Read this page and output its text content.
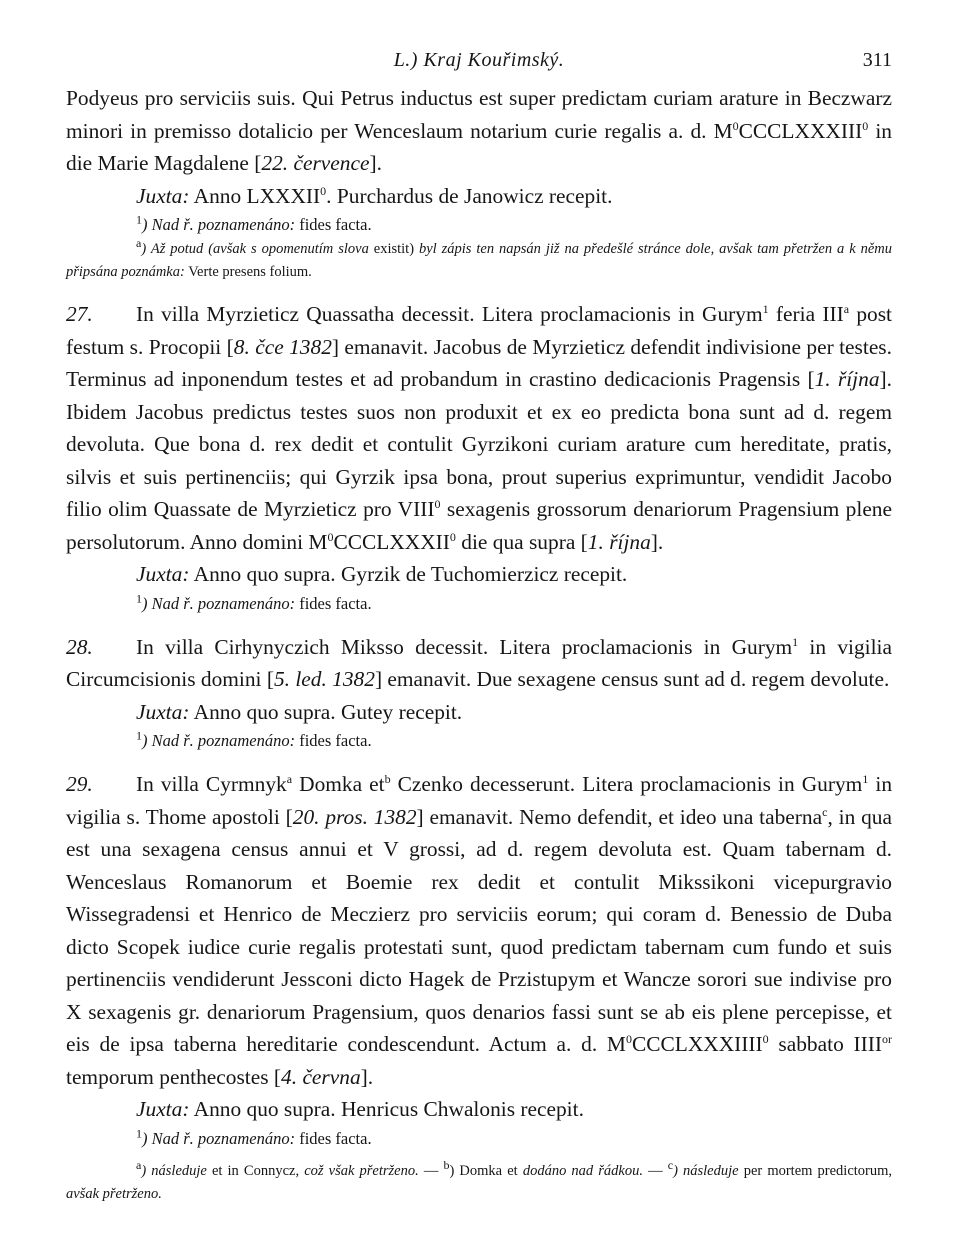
L.) Kraj Kouřimský.	311

Podyeus pro serviciis suis. Qui Petrus inductus est super predictam curiam arature in Beczwarz minori in premisso dotalicio per Wenceslaum notarium curie regalis a. d. $M^0CCCLXXXIII^0$ in die Marie Magdalene [22. července].

Juxta: Anno LXXXII$^0$. Purchardus de Janowicz recepit.

$^1$) Nad ř. poznamenáno: fides facta.

$^a$) Až potud (avšak s opomenutím slova existit) byl zápis ten napsán již na předešlé stránce dole, avšak tam přetržen a k němu připsána poznámka: Verte presens folium.

27. In villa Myrzieticz Quassatha decessit. Litera proclamacionis in Gurym$^1$ feria III$^a$ post festum s. Procopii [8. čce 1382] emanavit. Jacobus de Myrzieticz defendit indivisione per testes. Terminus ad inponendum testes et ad probandum in crastino dedicacionis Pragensis [1. října]. Ibidem Jacobus predictus testes suos non produxit et ex eo predicta bona sunt ad d. regem devoluta. Que bona d. rex dedit et contulit Gyrzikoni curiam arature cum hereditate, pratis, silvis et suis pertinenciis; qui Gyrzik ipsa bona, prout superius exprimuntur, vendidit Jacobo filio olim Quassate de Myrzieticz pro VIII$^0$ sexagenis grossorum denariorum Pragensium plene persolutorum. Anno domini $M^0CCCLXXXII^0$ die qua supra [1. října].

Juxta: Anno quo supra. Gyrzik de Tuchomierzicz recepit.

$^1$) Nad ř. poznamenáno: fides facta.

28. In villa Cirhynyczich Miksso decessit. Litera proclamacionis in Gurym$^1$ in vigilia Circumcisionis domini [5. led. 1382] emanavit. Due sexagene census sunt ad d. regem devolute.

Juxta: Anno quo supra. Gutey recepit.

$^1$) Nad ř. poznamenáno: fides facta.

29. In villa Cyrmnyk$^a$ Domka $et^b$ Czenko decesserunt. Litera proclamacionis in Gurym$^1$ in vigilia s. Thome apostoli [20. pros. 1382] emanavit. Nemo defendit, et ideo una taberna$^c$, in qua est una sexagena census annui et V grossi, ad d. regem devoluta est. Quam tabernam d. Wenceslaus Romanorum et Boemie rex dedit et contulit Mikssikoni vicepurgravio Wissegradensi et Henrico de Meczierz pro serviciis eorum; qui coram d. Benessio de Duba dicto Scopek iudice curie regalis protestati sunt, quod predictam tabernam cum fundo et suis pertinenciis vendiderunt Jessconi dicto Hagek de Przistupym et Wancze sorori sue indivise pro X sexagenis gr. denariorum Pragensium, quos denarios fassi sunt se ab eis plene percepisse, et eis de ipsa taberna hereditarie condescendunt. Actum a. d. $M^0CCCLXXXIIII^0$ sabbato $IIII^{or}$ temporum penthecostes [4. června].

Juxta: Anno quo supra. Henricus Chwalonis recepit.

$^1$) Nad ř. poznamenáno: fides facta.

$^a$) následuje et in Connycz, což však přetrženo. — $^b$) Domka et dodáno nad řádkou. — $^c$) následuje per mortem predictorum, avšak přetrženo.
